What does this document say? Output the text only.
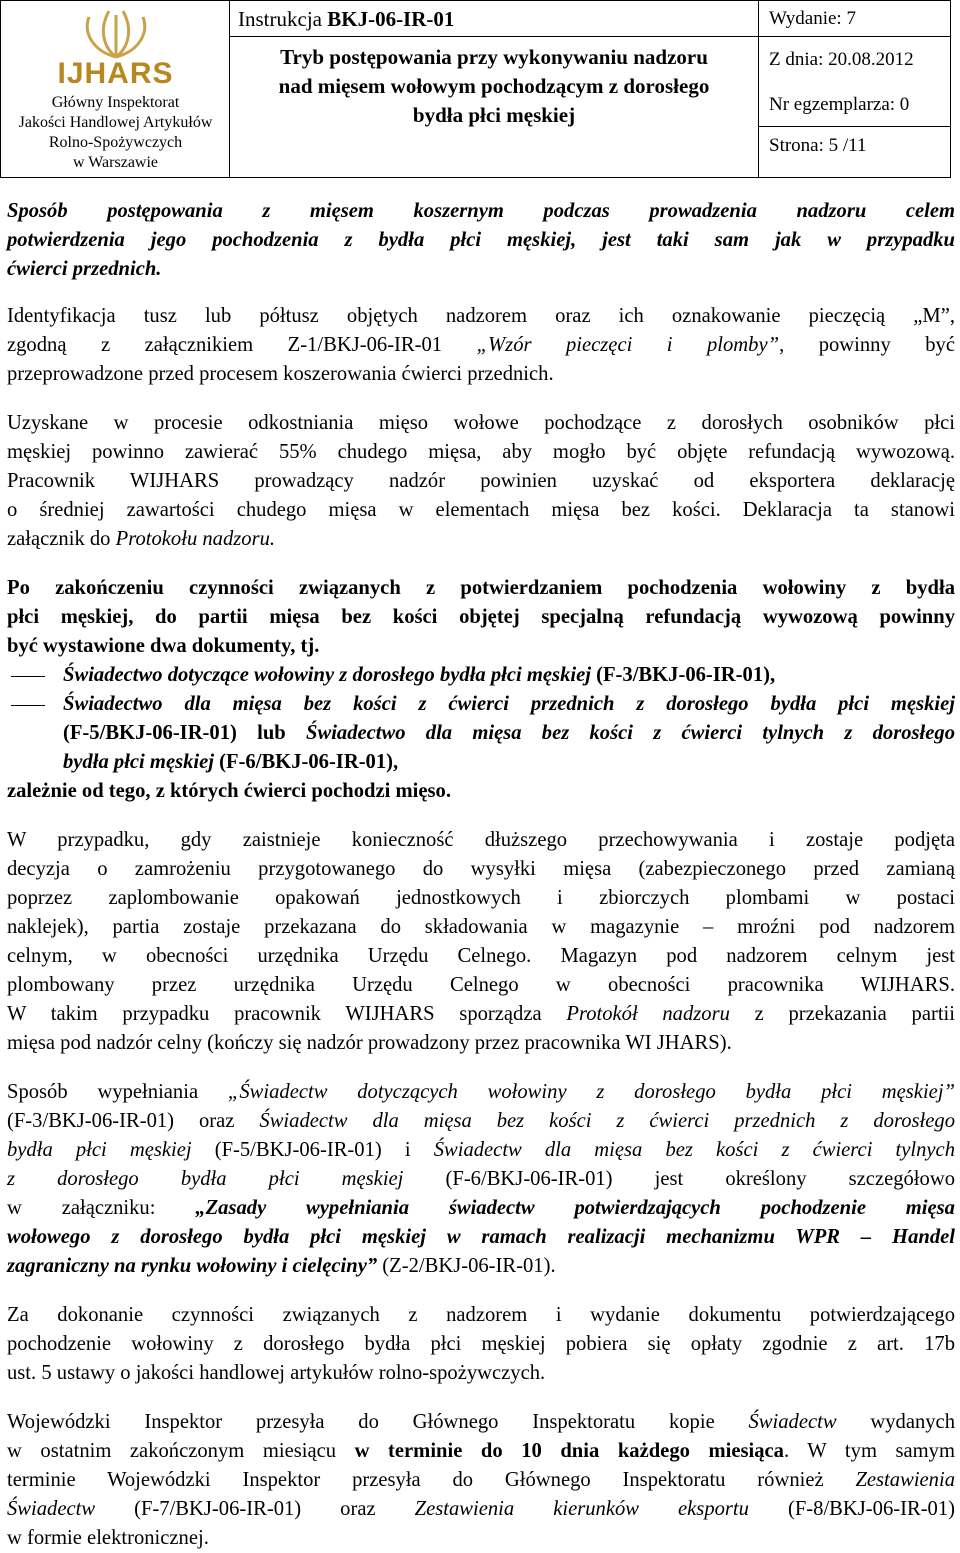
IJHARS
Główny Inspektorat
Jakości Handlowej Artykułów
Rolno-Spożywczych
w Warszawie
Instrukcja BKJ-06-IR-01
Tryb postępowania przy wykonywaniu nadzoru
nad mięsem wołowym pochodzącym z dorosłego
bydła płci męskiej
Wydanie: 7
Z dnia: 20.08.2012
Nr egzemplarza: 0
Strona: 5 /11
Sposób postępowania z mięsem koszernym podczas prowadzenia nadzoru celem
potwierdzenia jego pochodzenia z bydła płci męskiej, jest taki sam jak w przypadku
ćwierci przednich.
Identyfikacja tusz lub półtusz objętych nadzorem oraz ich oznakowanie pieczęcią „M”,
zgodną z załącznikiem Z-1/BKJ-06-IR-01 „Wzór pieczęci i plomby”, powinny być
przeprowadzone przed procesem koszerowania ćwierci przednich.
Uzyskane w procesie odkostniania mięso wołowe pochodzące z dorosłych osobników płci
męskiej powinno zawierać 55% chudego mięsa, aby mogło być objęte refundacją wywozową.
Pracownik WIJHARS prowadzący nadzór powinien uzyskać od eksportera deklarację
o średniej zawartości chudego mięsa w elementach mięsa bez kości. Deklaracja ta stanowi
załącznik do Protokołu nadzoru.
Po zakończeniu czynności związanych z potwierdzaniem pochodzenia wołowiny z bydła
płci męskiej, do partii mięsa bez kości objętej specjalną refundacją wywozową powinny
być wystawione dwa dokumenty, tj.
Świadectwo dotyczące wołowiny z dorosłego bydła płci męskiej (F-3/BKJ-06-IR-01),
Świadectwo dla mięsa bez kości z ćwierci przednich z dorosłego bydła płci męskiej
(F-5/BKJ-06-IR-01) lub Świadectwo dla mięsa bez kości z ćwierci tylnych z dorosłego
bydła płci męskiej (F-6/BKJ-06-IR-01),
zależnie od tego, z których ćwierci pochodzi mięso.
W przypadku, gdy zaistnieje konieczność dłuższego przechowywania i zostaje podjęta
decyzja o zamrożeniu przygotowanego do wysyłki mięsa (zabezpieczonego przed zamianą
poprzez zaplombowanie opakowań jednostkowych i zbiorczych plombami w postaci
naklejek), partia zostaje przekazana do składowania w magazynie – mroźni pod nadzorem
celnym, w obecności urzędnika Urzędu Celnego. Magazyn pod nadzorem celnym jest
plombowany przez urzędnika Urzędu Celnego w obecności pracownika WIJHARS.
W takim przypadku pracownik WIJHARS sporządza Protokół nadzoru z przekazania partii
mięsa pod nadzór celny (kończy się nadzór prowadzony przez pracownika WI JHARS).
Sposób wypełniania „Świadectw dotyczących wołowiny z dorosłego bydła płci męskiej”
(F-3/BKJ-06-IR-01) oraz Świadectw dla mięsa bez kości z ćwierci przednich z dorosłego
bydła płci męskiej (F-5/BKJ-06-IR-01) i Świadectw dla mięsa bez kości z ćwierci tylnych
z dorosłego bydła płci męskiej (F-6/BKJ-06-IR-01) jest określony szczegółowo
w załączniku: „Zasady wypełniania świadectw potwierdzających pochodzenie mięsa
wołowego z dorosłego bydła płci męskiej w ramach realizacji mechanizmu WPR – Handel
zagraniczny na rynku wołowiny i cielęciny” (Z-2/BKJ-06-IR-01).
Za dokonanie czynności związanych z nadzorem i wydanie dokumentu potwierdzającego
pochodzenie wołowiny z dorosłego bydła płci męskiej pobiera się opłaty zgodnie z art. 17b
ust. 5 ustawy o jakości handlowej artykułów rolno-spożywczych.
Wojewódzki Inspektor przesyła do Głównego Inspektoratu kopie Świadectw wydanych
w ostatnim zakończonym miesiącu w terminie do 10 dnia każdego miesiąca. W tym samym
terminie Wojewódzki Inspektor przesyła do Głównego Inspektoratu również Zestawienia
Świadectw (F-7/BKJ-06-IR-01) oraz Zestawienia kierunków eksportu (F-8/BKJ-06-IR-01)
w formie elektronicznej.
